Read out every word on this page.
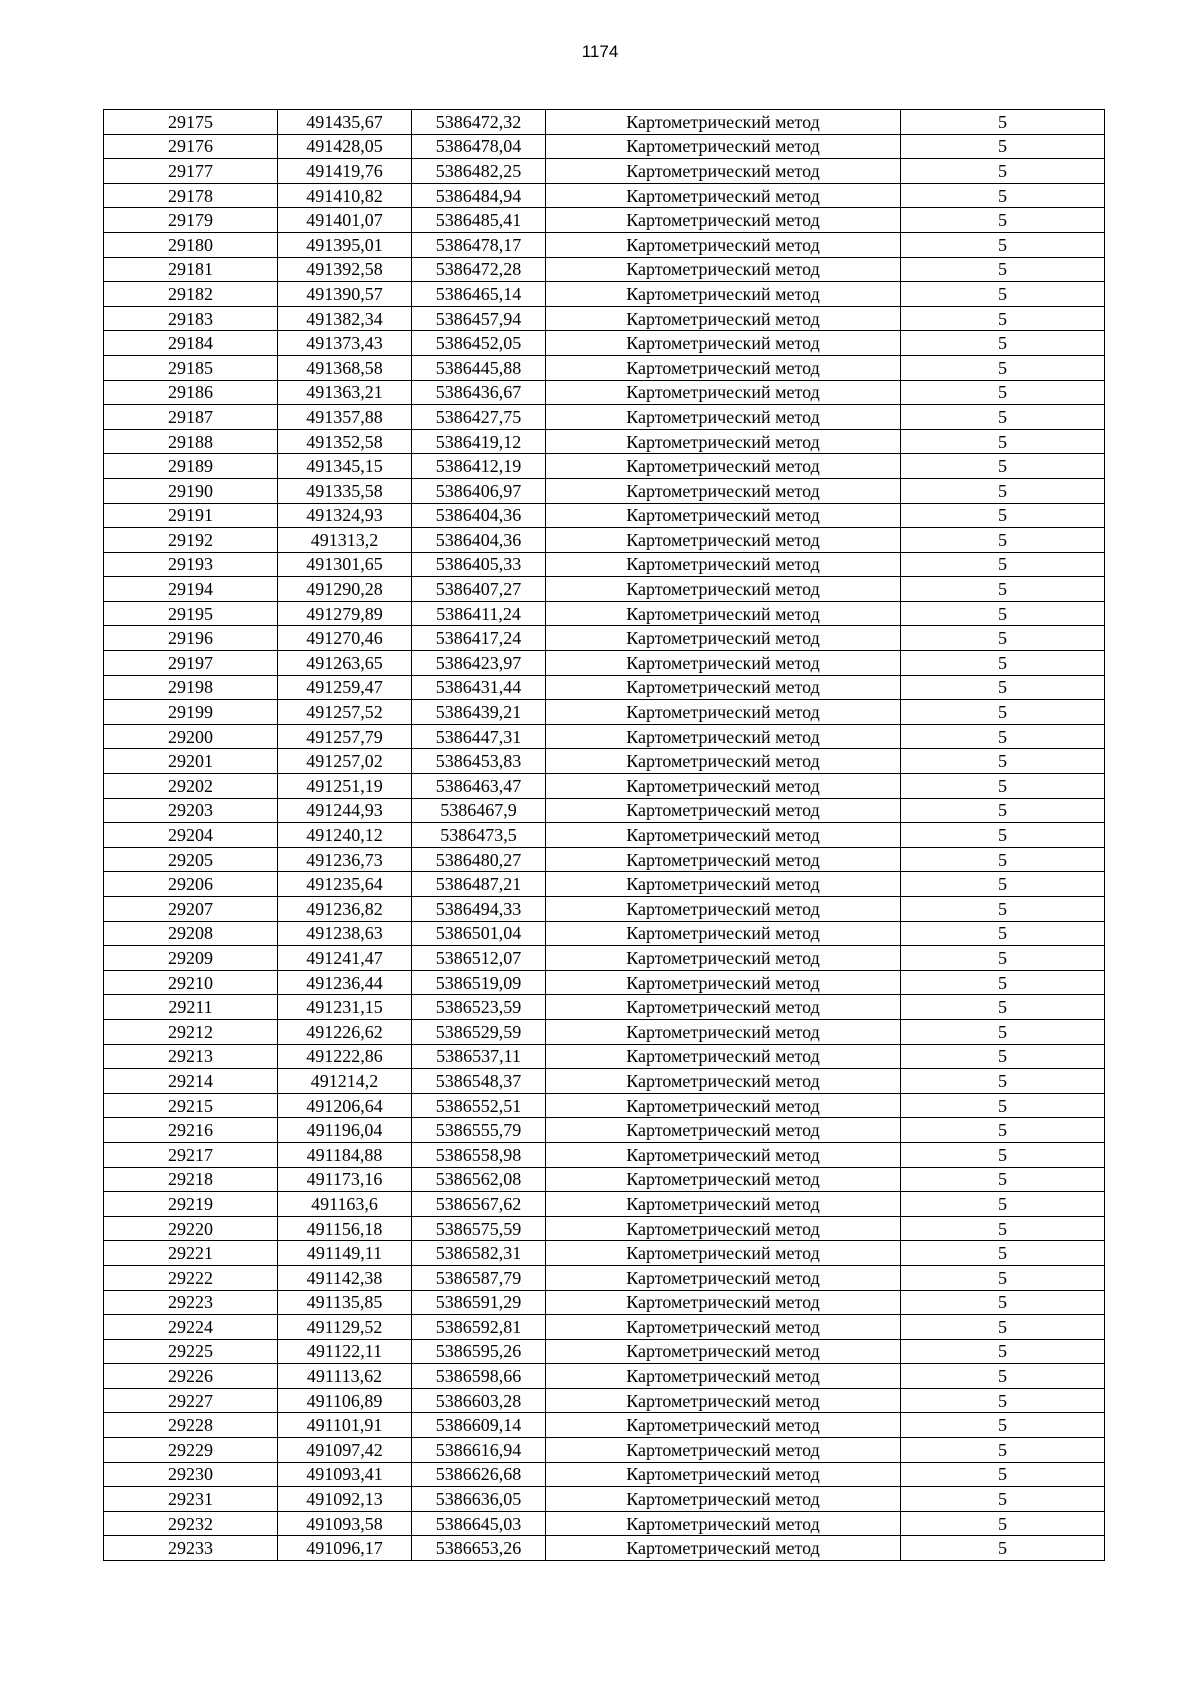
1174
29175	491435,67	5386472,32	Картометрический метод	5
29176	491428,05	5386478,04	Картометрический метод	5
29177	491419,76	5386482,25	Картометрический метод	5
29178	491410,82	5386484,94	Картометрический метод	5
29179	491401,07	5386485,41	Картометрический метод	5
29180	491395,01	5386478,17	Картометрический метод	5
29181	491392,58	5386472,28	Картометрический метод	5
29182	491390,57	5386465,14	Картометрический метод	5
29183	491382,34	5386457,94	Картометрический метод	5
29184	491373,43	5386452,05	Картометрический метод	5
29185	491368,58	5386445,88	Картометрический метод	5
29186	491363,21	5386436,67	Картометрический метод	5
29187	491357,88	5386427,75	Картометрический метод	5
29188	491352,58	5386419,12	Картометрический метод	5
29189	491345,15	5386412,19	Картометрический метод	5
29190	491335,58	5386406,97	Картометрический метод	5
29191	491324,93	5386404,36	Картометрический метод	5
29192	491313,2	5386404,36	Картометрический метод	5
29193	491301,65	5386405,33	Картометрический метод	5
29194	491290,28	5386407,27	Картометрический метод	5
29195	491279,89	5386411,24	Картометрический метод	5
29196	491270,46	5386417,24	Картометрический метод	5
29197	491263,65	5386423,97	Картометрический метод	5
29198	491259,47	5386431,44	Картометрический метод	5
29199	491257,52	5386439,21	Картометрический метод	5
29200	491257,79	5386447,31	Картометрический метод	5
29201	491257,02	5386453,83	Картометрический метод	5
29202	491251,19	5386463,47	Картометрический метод	5
29203	491244,93	5386467,9	Картометрический метод	5
29204	491240,12	5386473,5	Картометрический метод	5
29205	491236,73	5386480,27	Картометрический метод	5
29206	491235,64	5386487,21	Картометрический метод	5
29207	491236,82	5386494,33	Картометрический метод	5
29208	491238,63	5386501,04	Картометрический метод	5
29209	491241,47	5386512,07	Картометрический метод	5
29210	491236,44	5386519,09	Картометрический метод	5
29211	491231,15	5386523,59	Картометрический метод	5
29212	491226,62	5386529,59	Картометрический метод	5
29213	491222,86	5386537,11	Картометрический метод	5
29214	491214,2	5386548,37	Картометрический метод	5
29215	491206,64	5386552,51	Картометрический метод	5
29216	491196,04	5386555,79	Картометрический метод	5
29217	491184,88	5386558,98	Картометрический метод	5
29218	491173,16	5386562,08	Картометрический метод	5
29219	491163,6	5386567,62	Картометрический метод	5
29220	491156,18	5386575,59	Картометрический метод	5
29221	491149,11	5386582,31	Картометрический метод	5
29222	491142,38	5386587,79	Картометрический метод	5
29223	491135,85	5386591,29	Картометрический метод	5
29224	491129,52	5386592,81	Картометрический метод	5
29225	491122,11	5386595,26	Картометрический метод	5
29226	491113,62	5386598,66	Картометрический метод	5
29227	491106,89	5386603,28	Картометрический метод	5
29228	491101,91	5386609,14	Картометрический метод	5
29229	491097,42	5386616,94	Картометрический метод	5
29230	491093,41	5386626,68	Картометрический метод	5
29231	491092,13	5386636,05	Картометрический метод	5
29232	491093,58	5386645,03	Картометрический метод	5
29233	491096,17	5386653,26	Картометрический метод	5
